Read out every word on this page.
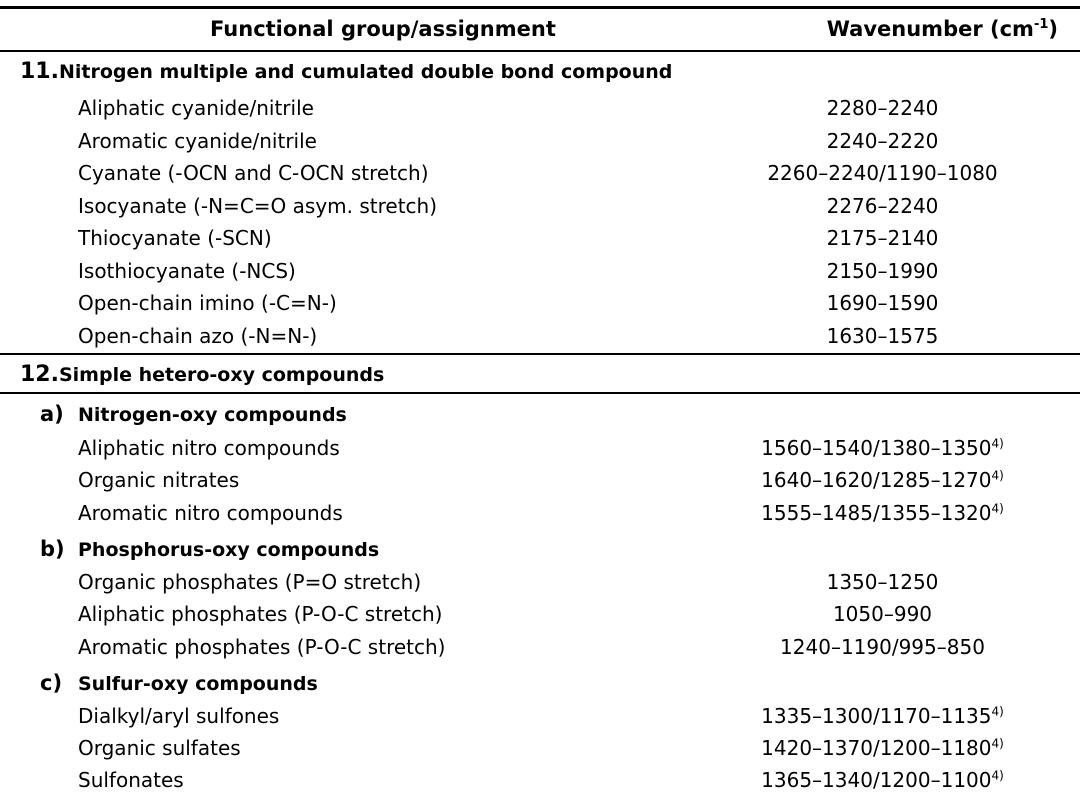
Functional group/assignment	Wavenumber $(cm^{-1})$
11.Nitrogen multiple and cumulated double bond compound
Aliphatic cyanide/nitrile	2280–2240
Aromatic cyanide/nitrile	2240–2220
Cyanate (-OCN and C-OCN stretch)	2260–2240/1190–1080
Isocyanate (-N=C=O asym. stretch)	2276–2240
Thiocyanate (-SCN)	2175–2140
Isothiocyanate (-NCS)	2150–1990
Open-chain imino (-C=N-)	1690–1590
Open-chain azo (-N=N-)	1630–1575
12.Simple hetero-oxy compounds
a) Nitrogen-oxy compounds
Aliphatic nitro compounds	1560–1540/1380–1350$^{4)}$
Organic nitrates	1640–1620/1285–1270$^{4)}$
Aromatic nitro compounds	1555–1485/1355–1320$^{4)}$
b) Phosphorus-oxy compounds
Organic phosphates (P=O stretch)	1350–1250
Aliphatic phosphates (P-O-C stretch)	1050–990
Aromatic phosphates (P-O-C stretch)	1240–1190/995–850
c) Sulfur-oxy compounds
Dialkyl/aryl sulfones	1335–1300/1170–1135$^{4)}$
Organic sulfates	1420–1370/1200–1180$^{4)}$
Sulfonates	1365–1340/1200–1100$^{4)}$
